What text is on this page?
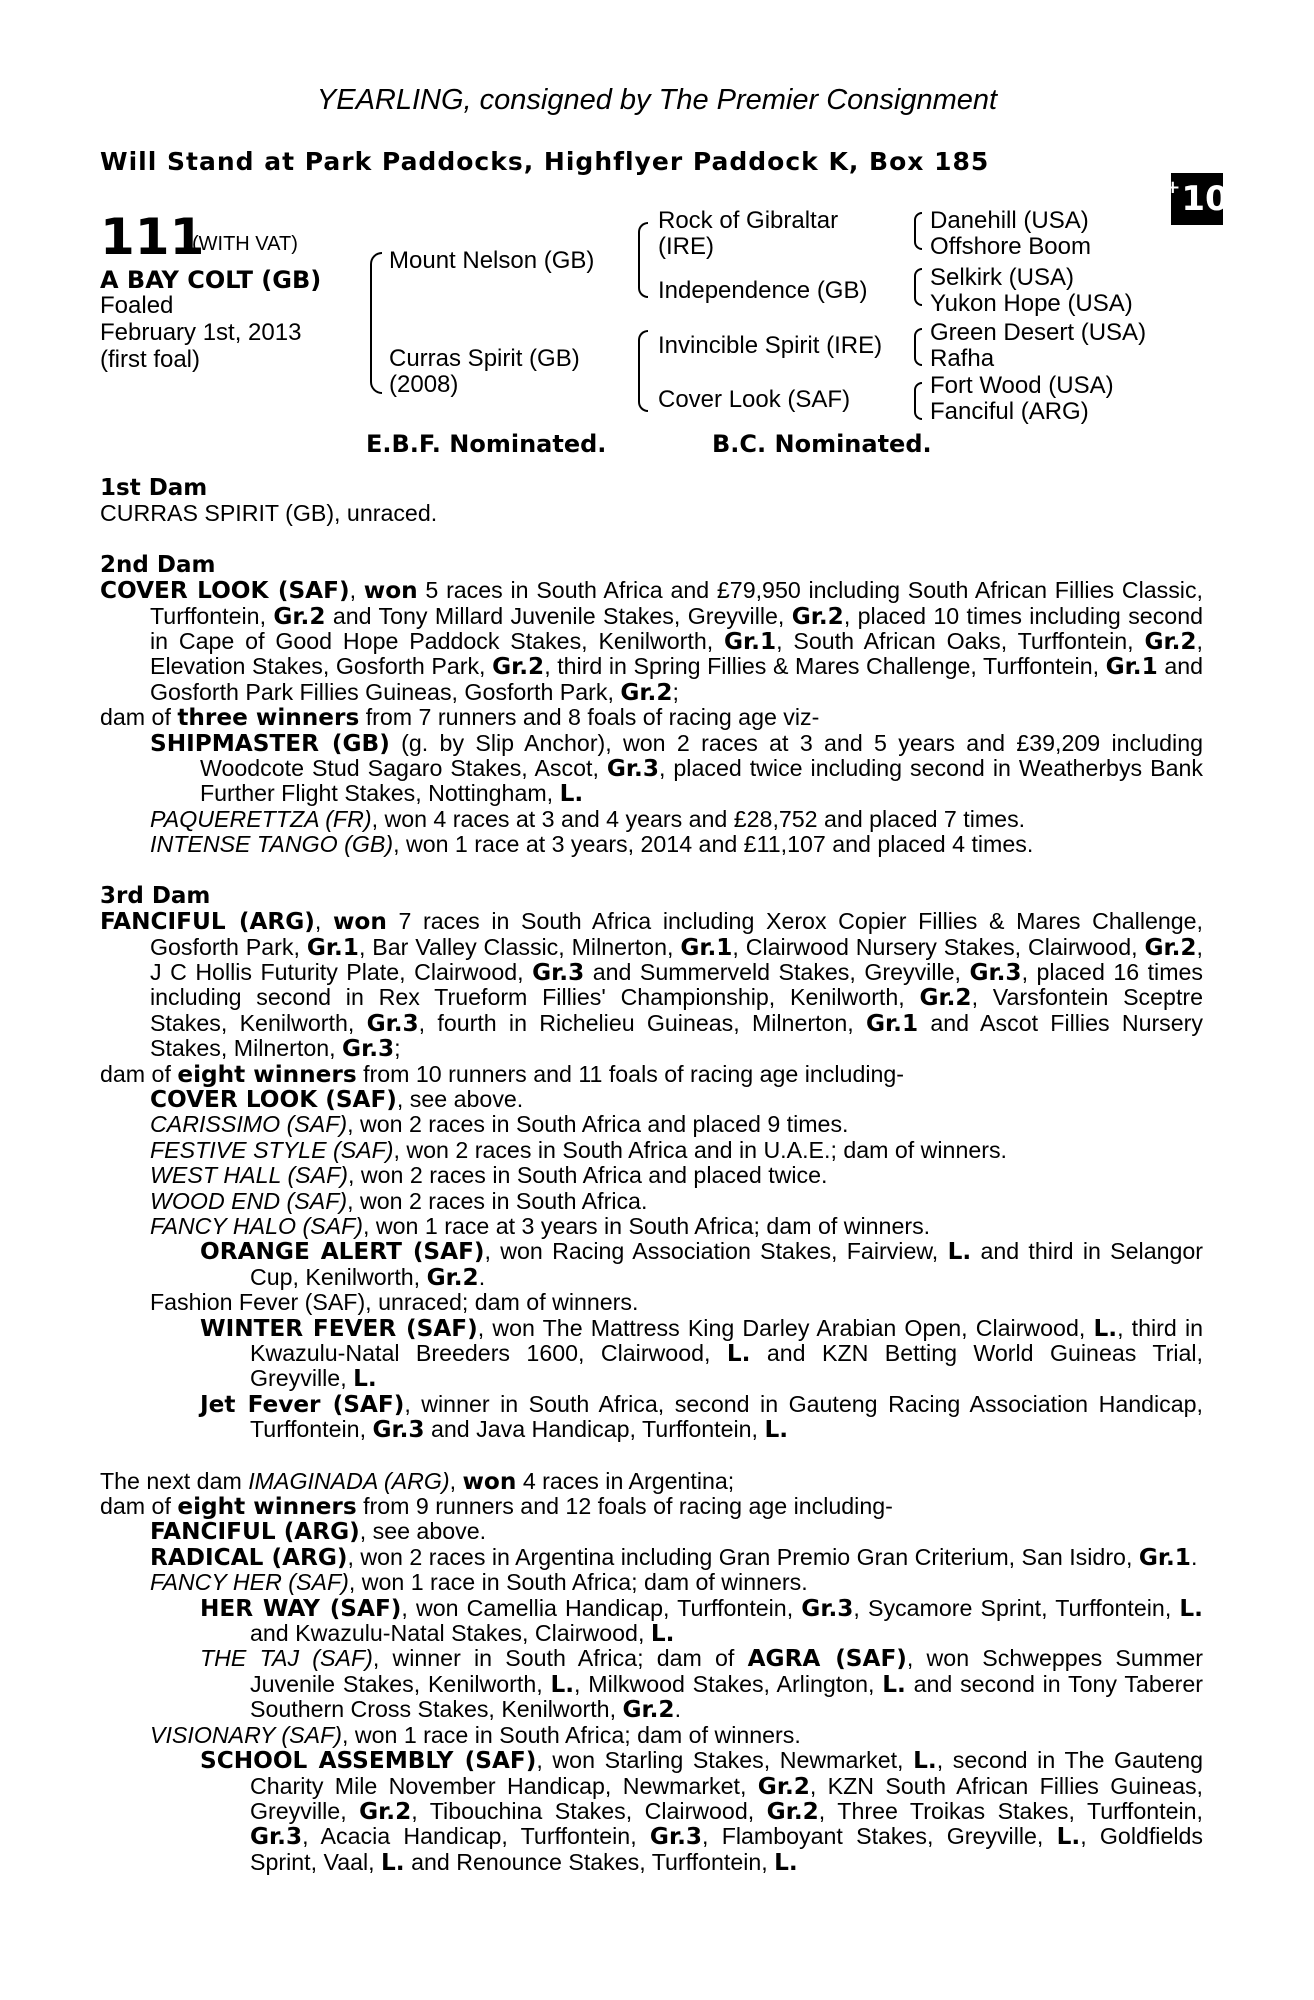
YEARLING, consigned by The Premier Consignment
Will Stand at Park Paddocks, Highflyer Paddock K, Box 185
+ 10
111
(WITH VAT)
A BAY COLT (GB)
Foaled
February 1st, 2013
(first foal)
Mount Nelson (GB)
Curras Spirit (GB)
(2008)
Rock of Gibraltar
(IRE)
Independence (GB)
Invincible Spirit (IRE)
Cover Look (SAF)
Danehill (USA)
Offshore Boom
Selkirk (USA)
Yukon Hope (USA)
Green Desert (USA)
Rafha
Fort Wood (USA)
Fanciful (ARG)
E.B.F. Nominated.	B.C. Nominated.

1st Dam

CURRAS SPIRIT (GB), unraced.

2nd Dam

COVER LOOK (SAF), won 5 races in South Africa and £79,950 including South African Fillies Classic, Turffontein, Gr.2 and Tony Millard Juvenile Stakes, Greyville, Gr.2, placed 10 times including second in Cape of Good Hope Paddock Stakes, Kenilworth, Gr.1, South African Oaks, Turffontein, Gr.2, Elevation Stakes, Gosforth Park, Gr.2, third in Spring Fillies & Mares Challenge, Turffontein, Gr.1 and Gosforth Park Fillies Guineas, Gosforth Park, Gr.2;

dam of three winners from 7 runners and 8 foals of racing age viz-

SHIPMASTER (GB) (g. by Slip Anchor), won 2 races at 3 and 5 years and £39,209 including Woodcote Stud Sagaro Stakes, Ascot, Gr.3, placed twice including second in Weatherbys Bank Further Flight Stakes, Nottingham, L.

PAQUERETTZA (FR), won 4 races at 3 and 4 years and £28,752 and placed 7 times.

INTENSE TANGO (GB), won 1 race at 3 years, 2014 and £11,107 and placed 4 times.

3rd Dam

FANCIFUL (ARG), won 7 races in South Africa including Xerox Copier Fillies & Mares Challenge, Gosforth Park, Gr.1, Bar Valley Classic, Milnerton, Gr.1, Clairwood Nursery Stakes, Clairwood, Gr.2, J C Hollis Futurity Plate, Clairwood, Gr.3 and Summerveld Stakes, Greyville, Gr.3, placed 16 times including second in Rex Trueform Fillies' Championship, Kenilworth, Gr.2, Varsfontein Sceptre Stakes, Kenilworth, Gr.3, fourth in Richelieu Guineas, Milnerton, Gr.1 and Ascot Fillies Nursery Stakes, Milnerton, Gr.3;

dam of eight winners from 10 runners and 11 foals of racing age including-

COVER LOOK (SAF), see above.

CARISSIMO (SAF), won 2 races in South Africa and placed 9 times.

FESTIVE STYLE (SAF), won 2 races in South Africa and in U.A.E.; dam of winners.

WEST HALL (SAF), won 2 races in South Africa and placed twice.

WOOD END (SAF), won 2 races in South Africa.

FANCY HALO (SAF), won 1 race at 3 years in South Africa; dam of winners.

ORANGE ALERT (SAF), won Racing Association Stakes, Fairview, L. and third in Selangor Cup, Kenilworth, Gr.2.

Fashion Fever (SAF), unraced; dam of winners.

WINTER FEVER (SAF), won The Mattress King Darley Arabian Open, Clairwood, L., third in Kwazulu-Natal Breeders 1600, Clairwood, L. and KZN Betting World Guineas Trial, Greyville, L.

Jet Fever (SAF), winner in South Africa, second in Gauteng Racing Association Handicap, Turffontein, Gr.3 and Java Handicap, Turffontein, L.

The next dam IMAGINADA (ARG), won 4 races in Argentina;

dam of eight winners from 9 runners and 12 foals of racing age including-

FANCIFUL (ARG), see above.

RADICAL (ARG), won 2 races in Argentina including Gran Premio Gran Criterium, San Isidro, Gr.1.

FANCY HER (SAF), won 1 race in South Africa; dam of winners.

HER WAY (SAF), won Camellia Handicap, Turffontein, Gr.3, Sycamore Sprint, Turffontein, L. and Kwazulu-Natal Stakes, Clairwood, L.

THE TAJ (SAF), winner in South Africa; dam of AGRA (SAF), won Schweppes Summer Juvenile Stakes, Kenilworth, L., Milkwood Stakes, Arlington, L. and second in Tony Taberer Southern Cross Stakes, Kenilworth, Gr.2.

VISIONARY (SAF), won 1 race in South Africa; dam of winners.

SCHOOL ASSEMBLY (SAF), won Starling Stakes, Newmarket, L., second in The Gauteng Charity Mile November Handicap, Newmarket, Gr.2, KZN South African Fillies Guineas, Greyville, Gr.2, Tibouchina Stakes, Clairwood, Gr.2, Three Troikas Stakes, Turffontein, Gr.3, Acacia Handicap, Turffontein, Gr.3, Flamboyant Stakes, Greyville, L., Goldfields Sprint, Vaal, L. and Renounce Stakes, Turffontein, L.
